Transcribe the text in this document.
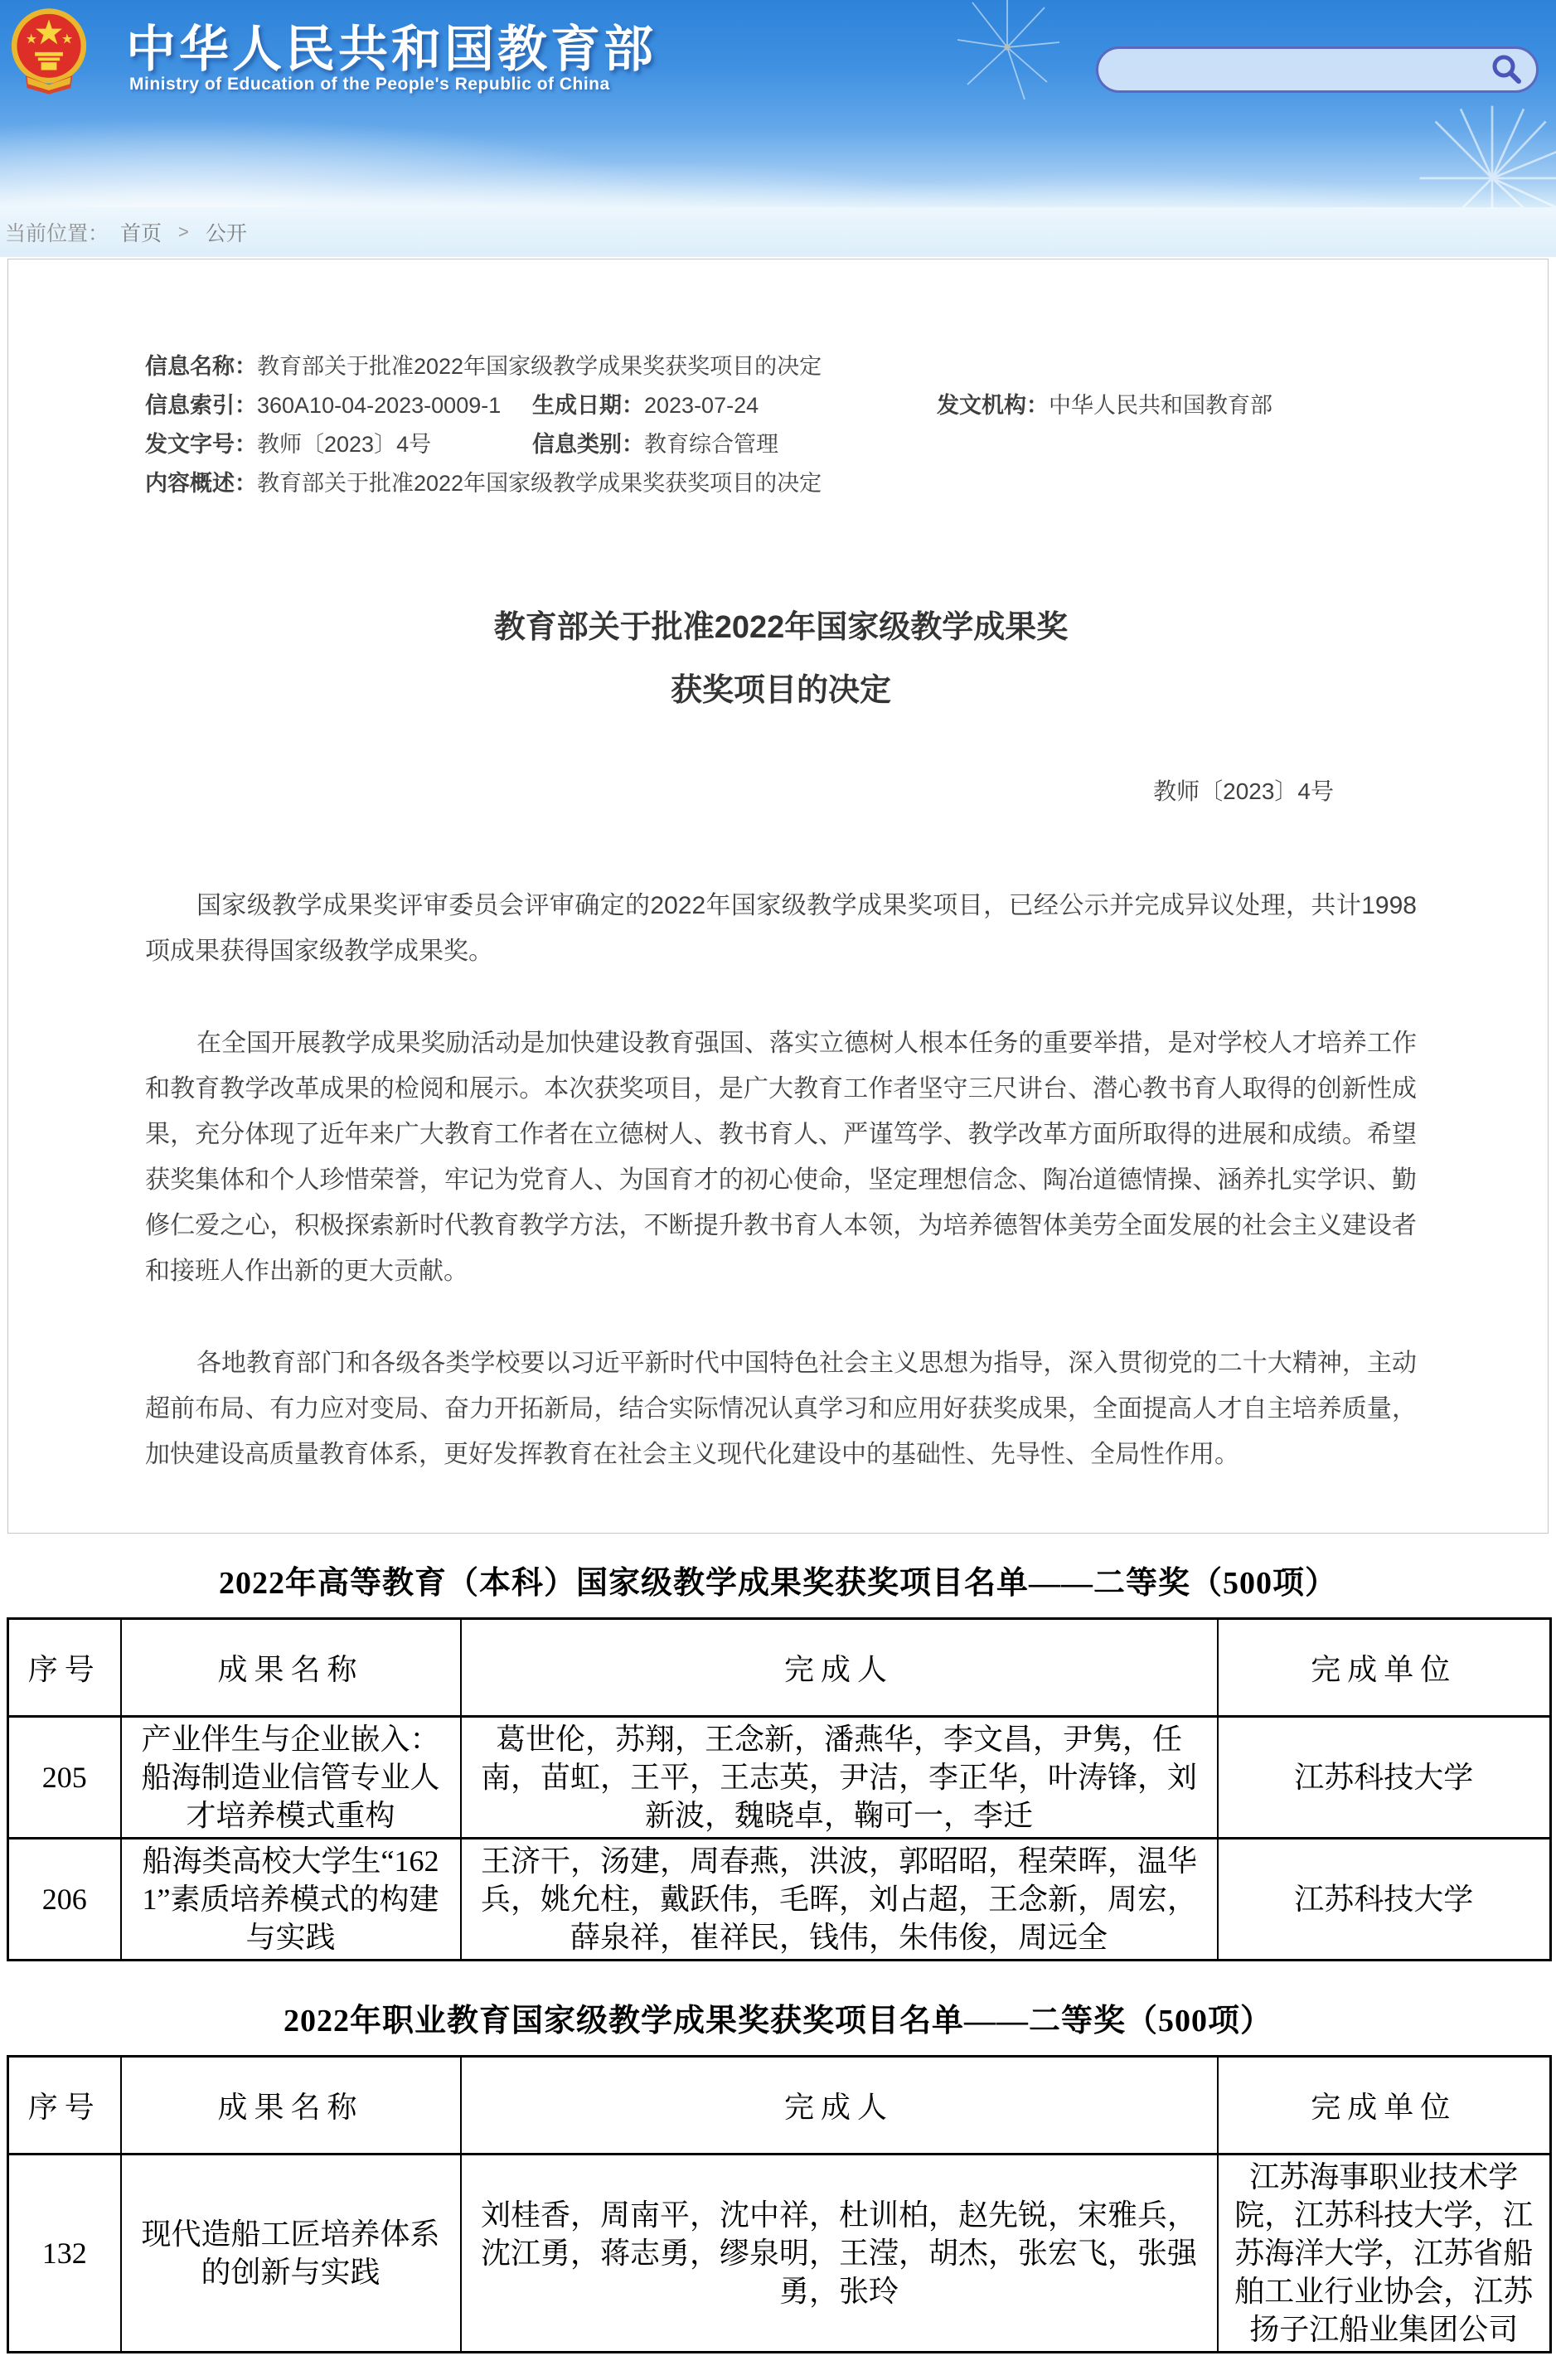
中华人民共和国教育部
Ministry of Education of the People's Republic of China
当前位置： 首页 > 公开
信息名称： 教育部关于批准2022年国家级教学成果奖获奖项目的决定
信息索引： 360A10-04-2023-0009-1 生成日期： 2023-07-24	发文机构： 中华人民共和国教育部
发文字号： 教师〔2023〕4号	信息类别： 教育综合管理
内容概述： 教育部关于批准2022年国家级教学成果奖获奖项目的决定
教育部关于批准2022年国家级教学成果奖
获奖项目的决定
教师〔2023〕4号

国家级教学成果奖评审委员会评审确定的2022年国家级教学成果奖项目，已经公示并完成异议处理，共计1998项成果获得国家级教学成果奖。

在全国开展教学成果奖励活动是加快建设教育强国、落实立德树人根本任务的重要举措，是对学校人才培养工作和教育教学改革成果的检阅和展示。本次获奖项目，是广大教育工作者坚守三尺讲台、潜心教书育人取得的创新性成果，充分体现了近年来广大教育工作者在立德树人、教书育人、严谨笃学、教学改革方面所取得的进展和成绩。希望获奖集体和个人珍惜荣誉，牢记为党育人、为国育才的初心使命，坚定理想信念、陶冶道德情操、涵养扎实学识、勤修仁爱之心，积极探索新时代教育教学方法，不断提升教书育人本领，为培养德智体美劳全面发展的社会主义建设者和接班人作出新的更大贡献。

各地教育部门和各级各类学校要以习近平新时代中国特色社会主义思想为指导，深入贯彻党的二十大精神，主动超前布局、有力应对变局、奋力开拓新局，结合实际情况认真学习和应用好获奖成果，全面提高人才自主培养质量，加快建设高质量教育体系，更好发挥教育在社会主义现代化建设中的基础性、先导性、全局性作用。

2022年高等教育（本科）国家级教学成果奖获奖项目名单——二等奖（500项）
序号	成果名称	完成人	完成单位
205	产业伴生与企业嵌入：船海制造业信管专业人才培养模式重构	葛世伦，苏翔，王念新，潘燕华，李文昌，尹隽，任南，苗虹，王平，王志英，尹洁，李正华，叶涛锋，刘新波，魏晓卓，鞠可一，李迁	江苏科技大学
206	船海类高校大学生“1621”素质培养模式的构建与实践	王济干，汤建，周春燕，洪波，郭昭昭，程荣晖，温华兵，姚允柱，戴跃伟，毛晖，刘占超，王念新，周宏，薛泉祥，崔祥民，钱伟，朱伟俊，周远全	江苏科技大学
2022年职业教育国家级教学成果奖获奖项目名单——二等奖（500项）
序号	成果名称	完成人	完成单位
132	现代造船工匠培养体系的创新与实践	刘桂香，周南平，沈中祥，杜训柏，赵先锐，宋雅兵，沈江勇，蒋志勇，缪泉明，王滢，胡杰，张宏飞，张强勇，张玲	江苏海事职业技术学院，江苏科技大学，江苏海洋大学，江苏省船舶工业行业协会，江苏扬子江船业集团公司
